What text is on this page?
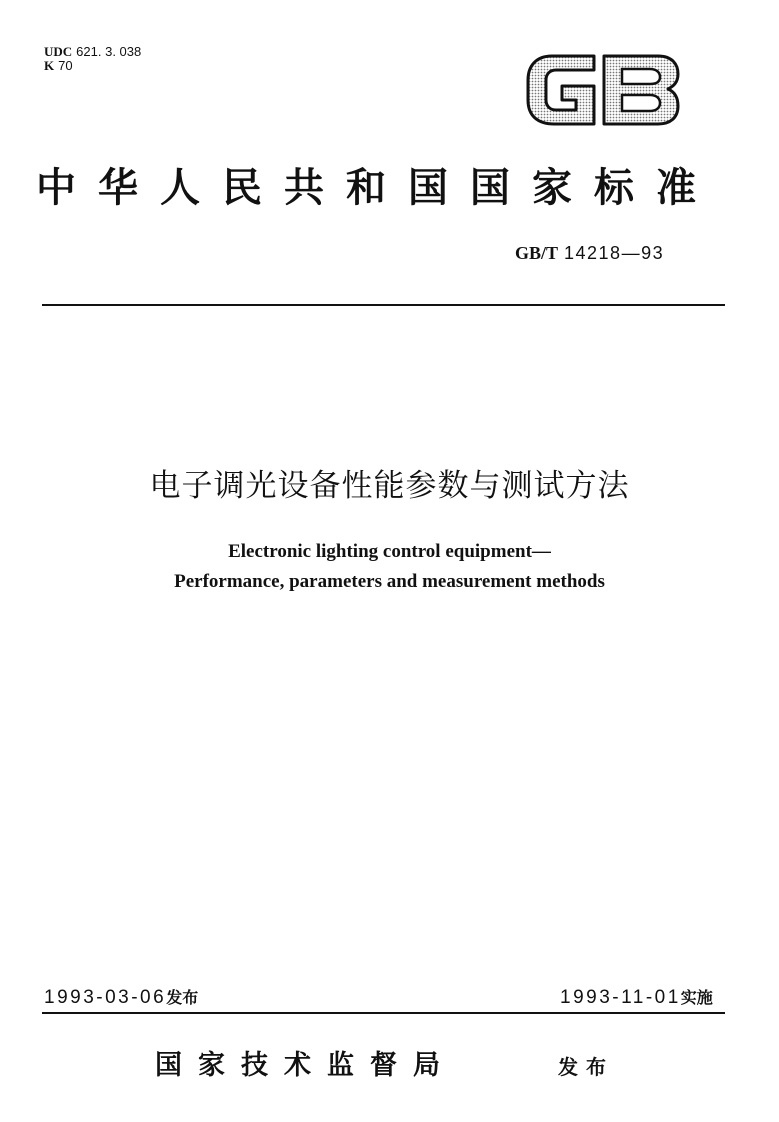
UDC 621. 3. 038
K 70
中华人民共和国国家标准
GB/T 14218—93
电子调光设备性能参数与测试方法
Electronic lighting control equipment—
Performance, parameters and measurement methods
1993-03-06发布	1993-11-01实施
国家技术监督局	发布
